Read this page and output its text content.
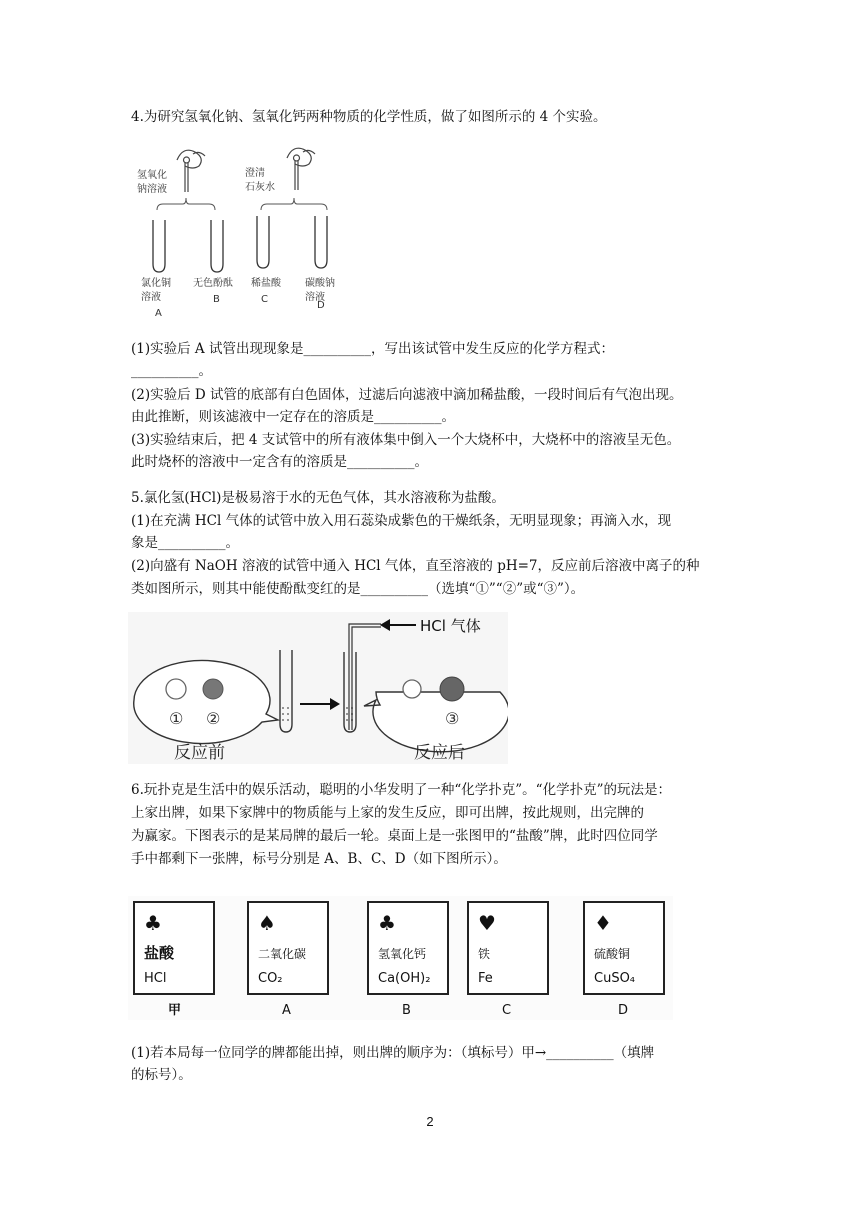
4.为研究氢氧化钠、氢氧化钙两种物质的化学性质，做了如图所示的 4 个实验。
氢氧化
钠溶液
澄清
石灰水
氯化铜
溶液
A
无色酚酞
B
稀盐酸
C
碳酸钠
溶液
D
(1)实验后 A 试管出现现象是__________，写出该试管中发生反应的化学方程式：
__________。
(2)实验后 D 试管的底部有白色固体，过滤后向滤液中滴加稀盐酸，一段时间后有气泡出现。
由此推断，则该滤液中一定存在的溶质是__________。
(3)实验结束后，把 4 支试管中的所有液体集中倒入一个大烧杯中，大烧杯中的溶液呈无色。
此时烧杯的溶液中一定含有的溶质是__________。
5.氯化氢(HCl)是极易溶于水的无色气体，其水溶液称为盐酸。
(1)在充满 HCl 气体的试管中放入用石蕊染成紫色的干燥纸条，无明显现象；再滴入水，现
象是__________。
(2)向盛有 NaOH 溶液的试管中通入 HCl 气体，直至溶液的 pH=7，反应前后溶液中离子的种
类如图所示，则其中能使酚酞变红的是__________（选填“①”“②”或“③”）。
① ②
HCl 气体
③
反应前	反应后
6.玩扑克是生活中的娱乐活动，聪明的小华发明了一种“化学扑克”。“化学扑克”的玩法是：
上家出牌，如果下家牌中的物质能与上家的发生反应，即可出牌，按此规则，出完牌的
为赢家。下图表示的是某局牌的最后一轮。桌面上是一张图甲的“盐酸”牌，此时四位同学
手中都剩下一张牌，标号分别是 A、B、C、D（如下图所示）。
♣
盐酸
HCl
甲
♠
二氧化碳
CO₂
A
♣
氢氧化钙
Ca(OH)₂
B
♥
铁
Fe
C
♦
硫酸铜
CuSO₄
D
(1)若本局每一位同学的牌都能出掉，则出牌的顺序为：（填标号）甲→__________（填牌
的标号）。
2
